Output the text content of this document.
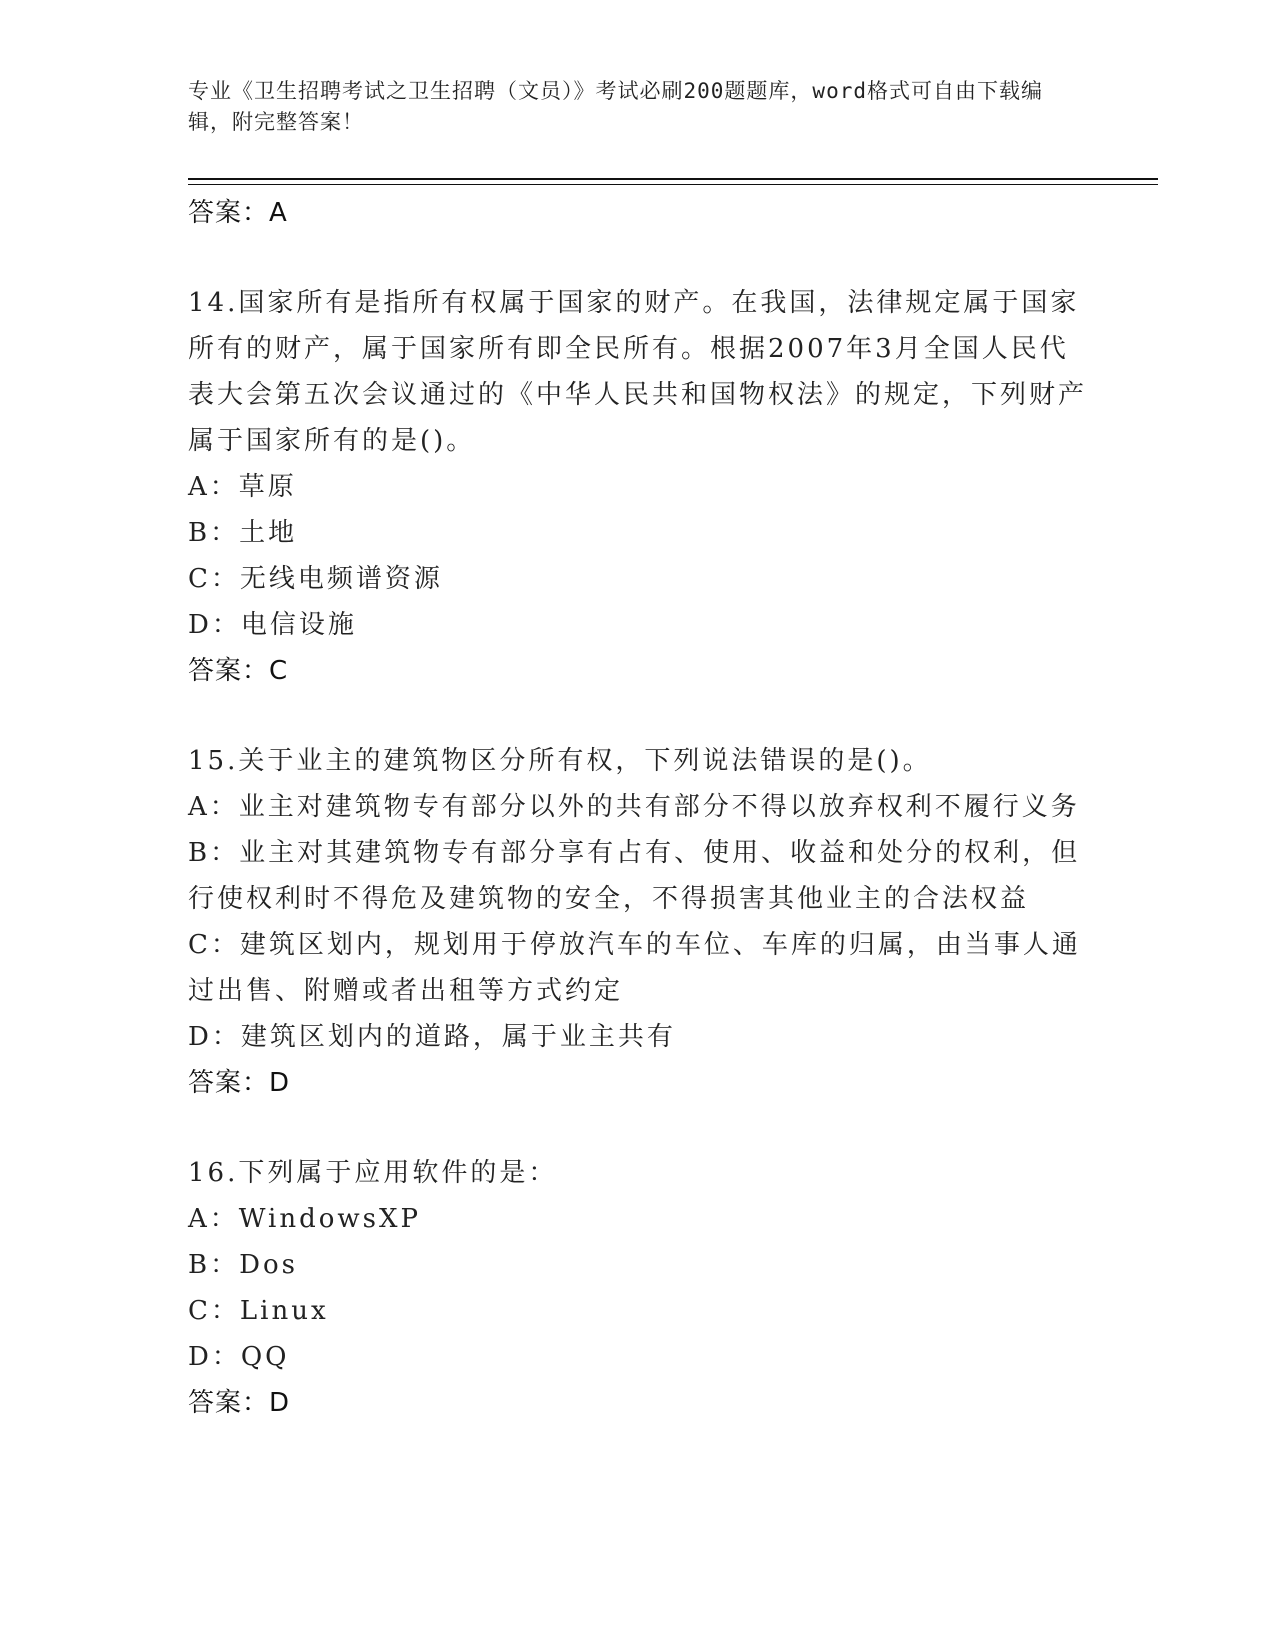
专业《卫生招聘考试之卫生招聘（文员）》考试必刷200题题库，word格式可自由下载编辑，附完整答案！
答案：A
14.国家所有是指所有权属于国家的财产。在我国，法律规定属于国家所有的财产，属于国家所有即全民所有。根据2007年3月全国人民代表大会第五次会议通过的《中华人民共和国物权法》的规定，下列财产属于国家所有的是()。
A：草原
B：土地
C：无线电频谱资源
D：电信设施
答案：C
15.关于业主的建筑物区分所有权，下列说法错误的是()。
A：业主对建筑物专有部分以外的共有部分不得以放弃权利不履行义务
B：业主对其建筑物专有部分享有占有、使用、收益和处分的权利，但行使权利时不得危及建筑物的安全，不得损害其他业主的合法权益
C：建筑区划内，规划用于停放汽车的车位、车库的归属，由当事人通过出售、附赠或者出租等方式约定
D：建筑区划内的道路，属于业主共有
答案：D
16.下列属于应用软件的是：
A：WindowsXP
B：Dos
C：Linux
D：QQ
答案：D
